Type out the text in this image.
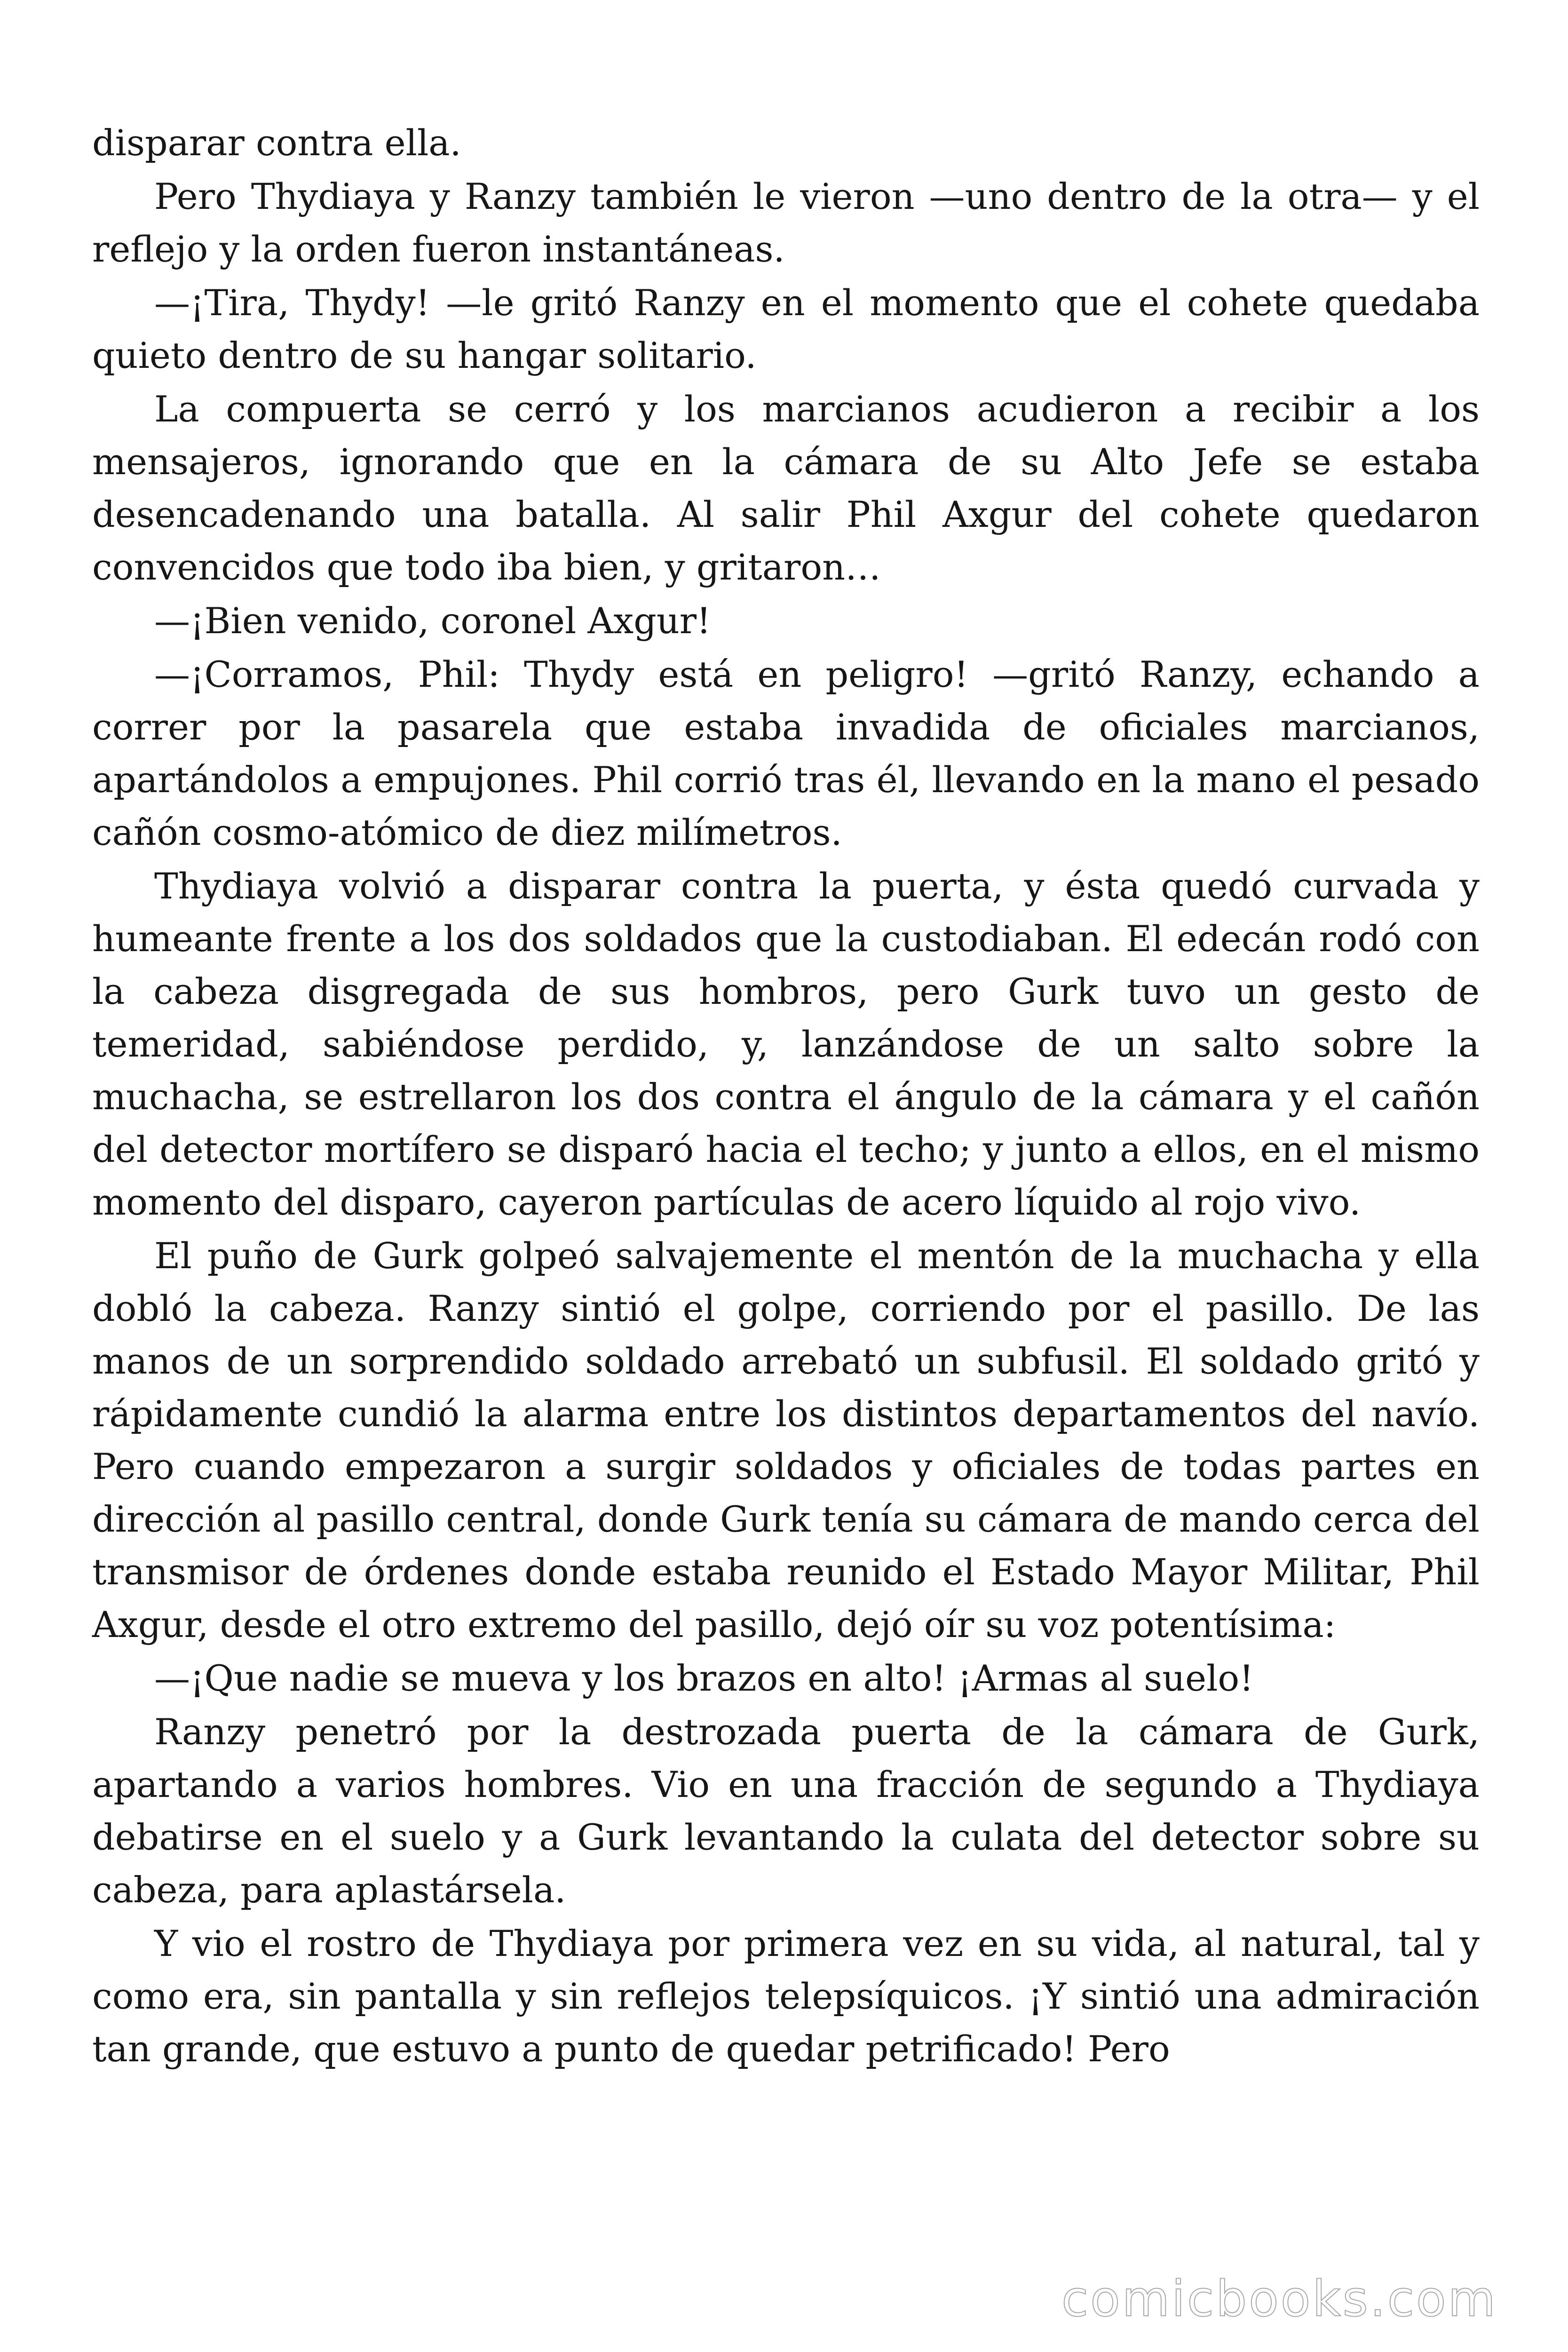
disparar contra ella.

Pero Thydiaya y Ranzy también le vieron —uno dentro de la otra— y el reflejo y la orden fueron instantáneas.

—¡Tira, Thydy! —le gritó Ranzy en el momento que el cohete quedaba quieto dentro de su hangar solitario.

La compuerta se cerró y los marcianos acudieron a recibir a los mensajeros, ignorando que en la cámara de su Alto Jefe se estaba desencadenando una batalla. Al salir Phil Axgur del cohete quedaron convencidos que todo iba bien, y gritaron…

—¡Bien venido, coronel Axgur!

—¡Corramos, Phil: Thydy está en peligro! —gritó Ranzy, echando a correr por la pasarela que estaba invadida de oficiales marcianos, apartándolos a empujones. Phil corrió tras él, llevando en la mano el pesado cañón cosmo-atómico de diez milímetros.

Thydiaya volvió a disparar contra la puerta, y ésta quedó curvada y humeante frente a los dos soldados que la custodiaban. El edecán rodó con la cabeza disgregada de sus hombros, pero Gurk tuvo un gesto de temeridad, sabiéndose perdido, y, lanzándose de un salto sobre la muchacha, se estrellaron los dos contra el ángulo de la cámara y el cañón del detector mortífero se disparó hacia el techo; y junto a ellos, en el mismo momento del disparo, cayeron partículas de acero líquido al rojo vivo.

El puño de Gurk golpeó salvajemente el mentón de la muchacha y ella dobló la cabeza. Ranzy sintió el golpe, corriendo por el pasillo. De las manos de un sorprendido soldado arrebató un subfusil. El soldado gritó y rápidamente cundió la alarma entre los distintos departamentos del navío. Pero cuando empezaron a surgir soldados y oficiales de todas partes en dirección al pasillo central, donde Gurk tenía su cámara de mando cerca del transmisor de órdenes donde estaba reunido el Estado Mayor Militar, Phil Axgur, desde el otro extremo del pasillo, dejó oír su voz potentísima:

—¡Que nadie se mueva y los brazos en alto! ¡Armas al suelo!

Ranzy penetró por la destrozada puerta de la cámara de Gurk, apartando a varios hombres. Vio en una fracción de segundo a Thydiaya debatirse en el suelo y a Gurk levantando la culata del detector sobre su cabeza, para aplastársela.

Y vio el rostro de Thydiaya por primera vez en su vida, al natural, tal y como era, sin pantalla y sin reflejos telepsíquicos. ¡Y sintió una admiración tan grande, que estuvo a punto de quedar petrificado! Pero

comicbooks.com
